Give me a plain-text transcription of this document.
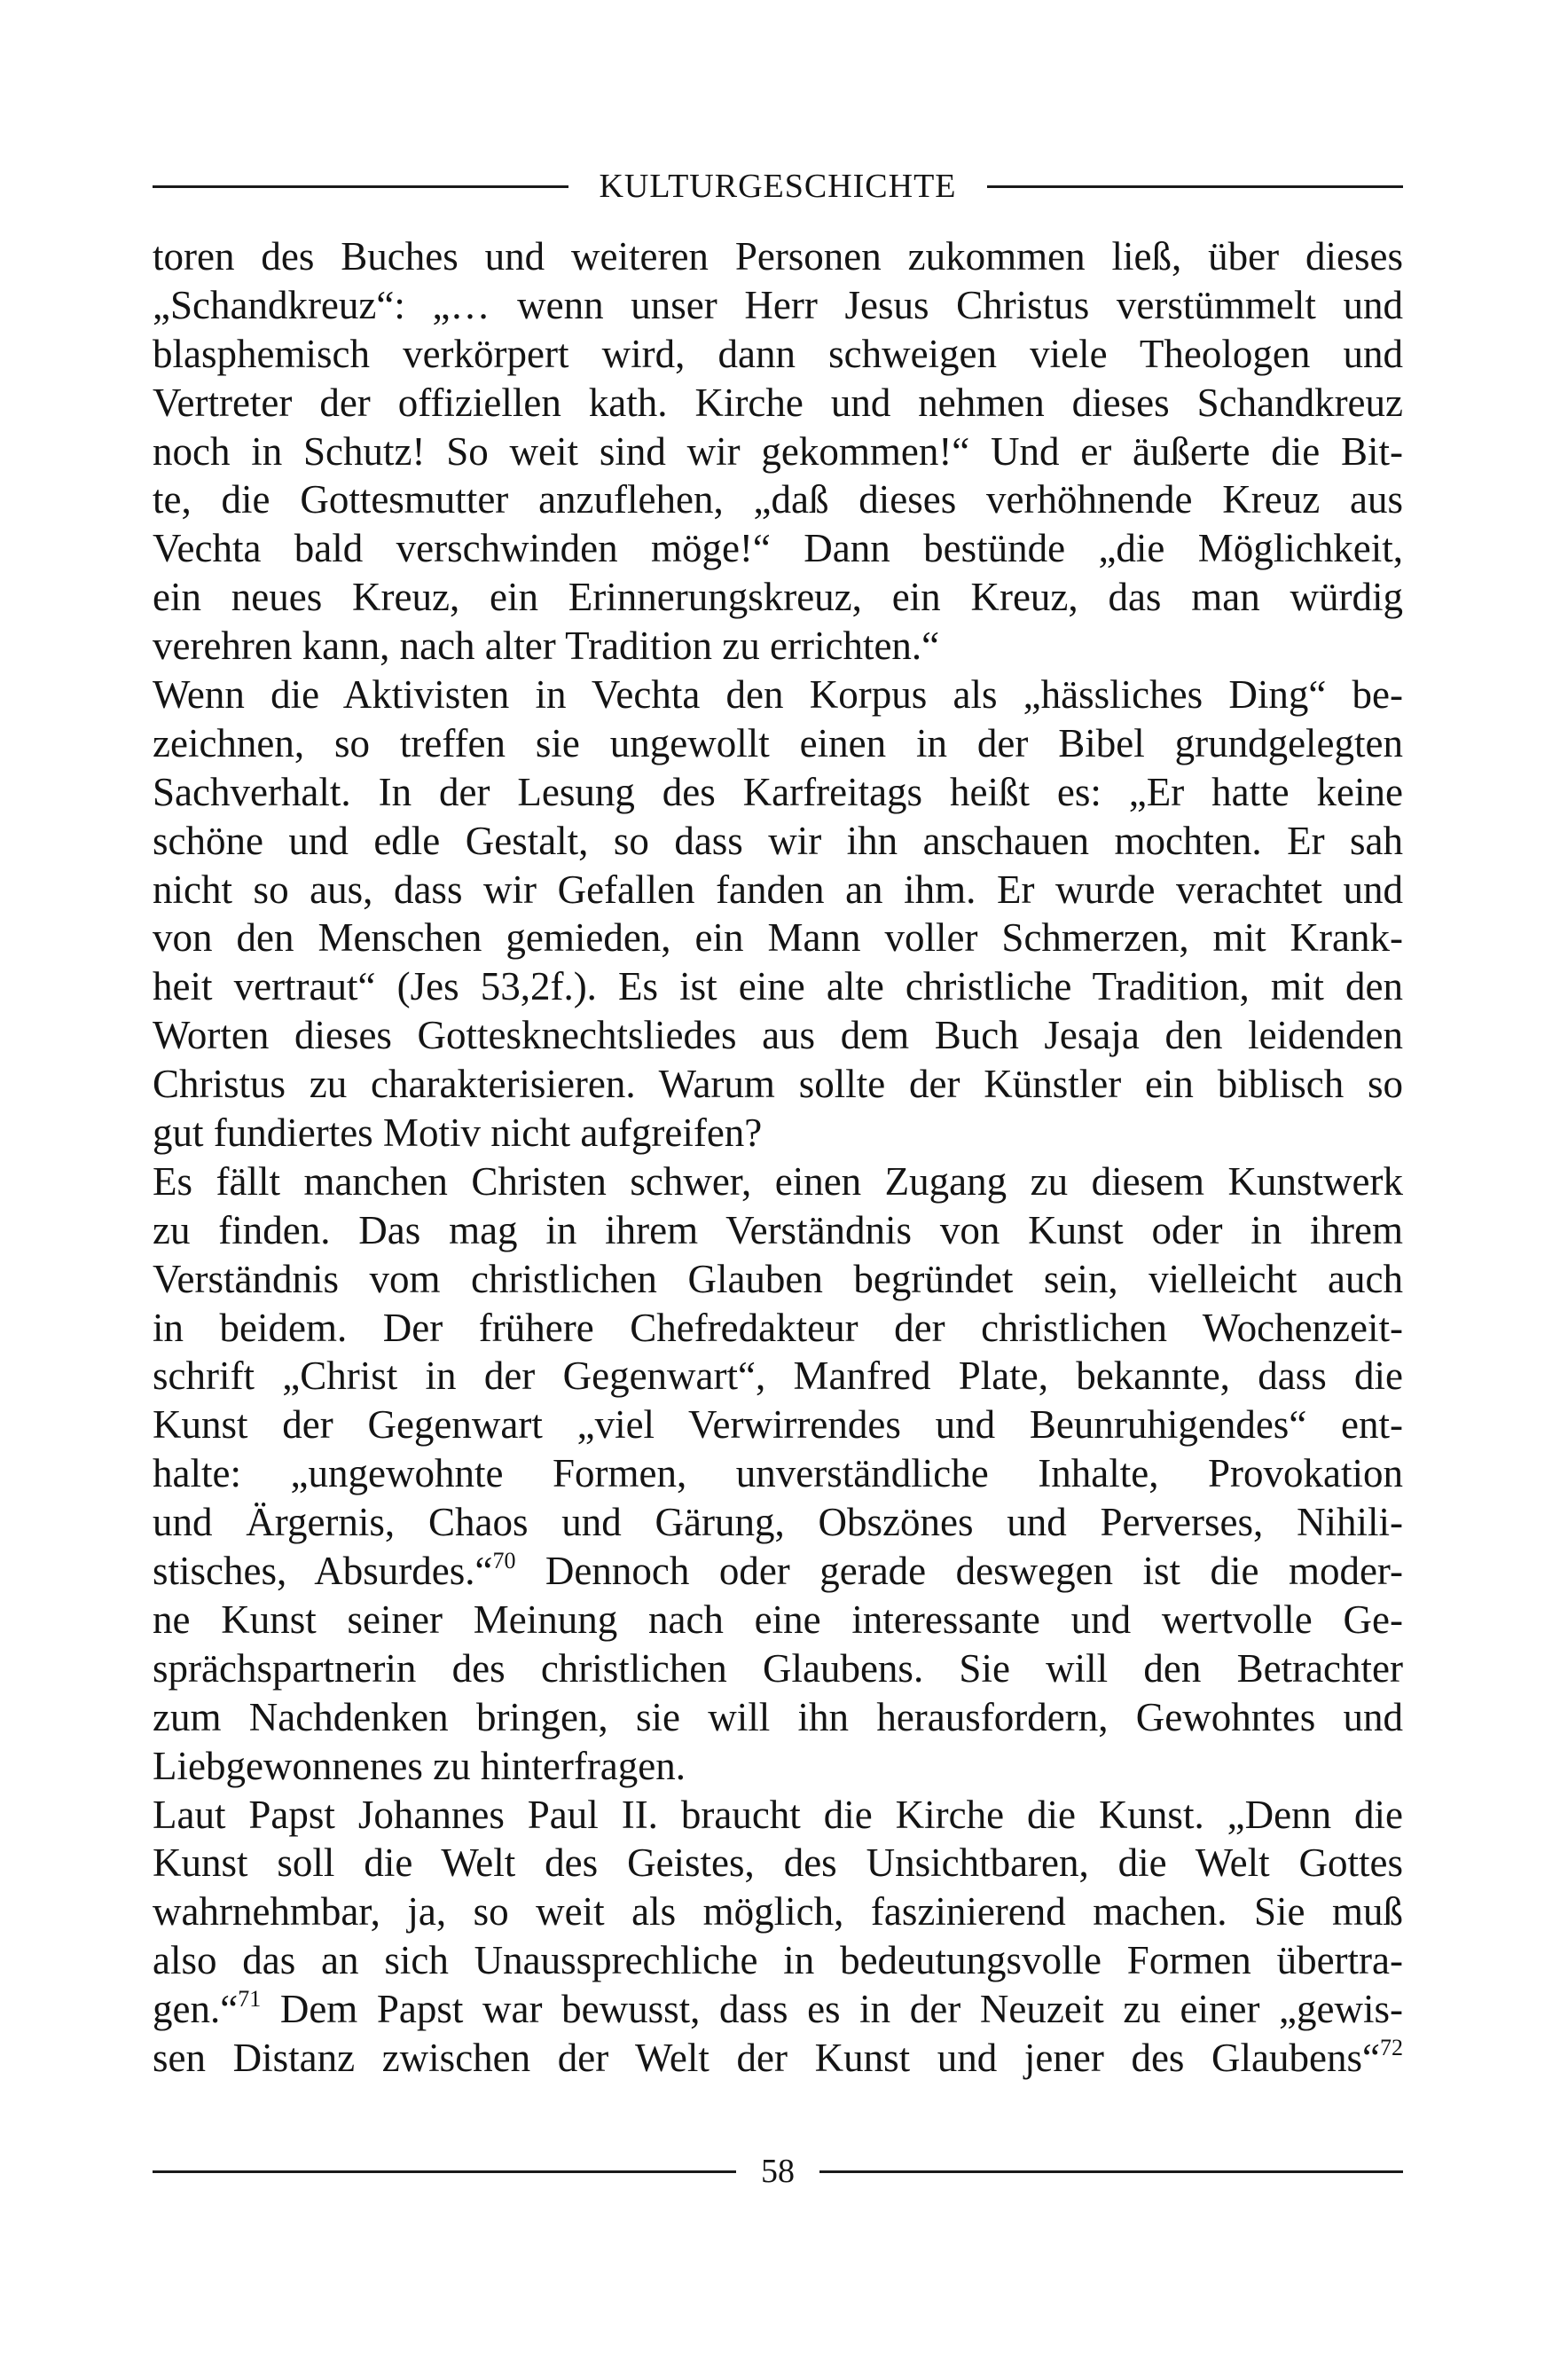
KULTURGESCHICHTE
toren des Buches und weiteren Personen zukommen ließ, über dieses
„Schandkreuz“: „… wenn unser Herr Jesus Christus verstümmelt und
blasphemisch verkörpert wird, dann schweigen viele Theologen und
Vertreter der offiziellen kath. Kirche und nehmen dieses Schandkreuz
noch in Schutz! So weit sind wir gekommen!“ Und er äußerte die Bit-
te, die Gottesmutter anzuflehen, „daß dieses verhöhnende Kreuz aus
Vechta bald verschwinden möge!“ Dann bestünde „die Möglichkeit,
ein neues Kreuz, ein Erinnerungskreuz, ein Kreuz, das man würdig
verehren kann, nach alter Tradition zu errichten.“
Wenn die Aktivisten in Vechta den Korpus als „hässliches Ding“ be-
zeichnen, so treffen sie ungewollt einen in der Bibel grundgelegten
Sachverhalt. In der Lesung des Karfreitags heißt es: „Er hatte keine
schöne und edle Gestalt, so dass wir ihn anschauen mochten. Er sah
nicht so aus, dass wir Gefallen fanden an ihm. Er wurde verachtet und
von den Menschen gemieden, ein Mann voller Schmerzen, mit Krank-
heit vertraut“ (Jes 53,2f.). Es ist eine alte christliche Tradition, mit den
Worten dieses Gottesknechtsliedes aus dem Buch Jesaja den leidenden
Christus zu charakterisieren. Warum sollte der Künstler ein biblisch so
gut fundiertes Motiv nicht aufgreifen?
Es fällt manchen Christen schwer, einen Zugang zu diesem Kunstwerk
zu finden. Das mag in ihrem Verständnis von Kunst oder in ihrem
Verständnis vom christlichen Glauben begründet sein, vielleicht auch
in beidem. Der frühere Chefredakteur der christlichen Wochenzeit-
schrift „Christ in der Gegenwart“, Manfred Plate, bekannte, dass die
Kunst der Gegenwart „viel Verwirrendes und Beunruhigendes“ ent-
halte: „ungewohnte Formen, unverständliche Inhalte, Provokation
und Ärgernis, Chaos und Gärung, Obszönes und Perverses, Nihili-
stisches, Absurdes.“$^{70}$ Dennoch oder gerade deswegen ist die moder-
ne Kunst seiner Meinung nach eine interessante und wertvolle Ge-
sprächspartnerin des christlichen Glaubens. Sie will den Betrachter
zum Nachdenken bringen, sie will ihn herausfordern, Gewohntes und
Liebgewonnenes zu hinterfragen.
Laut Papst Johannes Paul II. braucht die Kirche die Kunst. „Denn die
Kunst soll die Welt des Geistes, des Unsichtbaren, die Welt Gottes
wahrnehmbar, ja, so weit als möglich, faszinierend machen. Sie muß
also das an sich Unaussprechliche in bedeutungsvolle Formen übertra-
gen.“$^{71}$ Dem Papst war bewusst, dass es in der Neuzeit zu einer „gewis-
sen Distanz zwischen der Welt der Kunst und jener des Glaubens“$^{72}$
58
